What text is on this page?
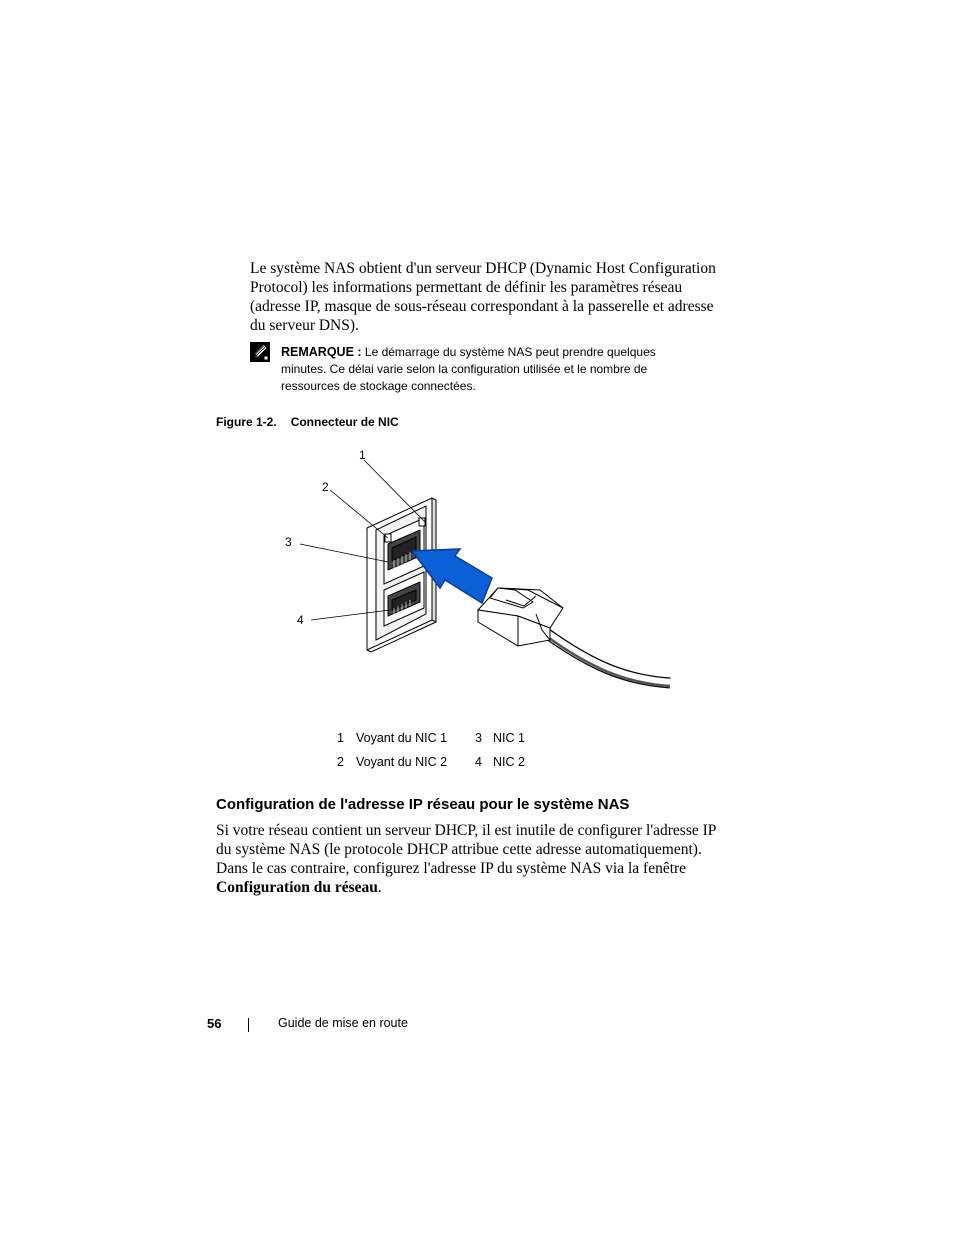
Le système NAS obtient d'un serveur DHCP (Dynamic Host Configuration
Protocol) les informations permettant de définir les paramètres réseau
(adresse IP, masque de sous-réseau correspondant à la passerelle et adresse
du serveur DNS).
REMARQUE : Le démarrage du système NAS peut prendre quelques
minutes. Ce délai varie selon la configuration utilisée et le nombre de
ressources de stockage connectées.
Figure 1-2. Connecteur de NIC
1
2
3
4
1 Voyant du NIC 1 3 NIC 1
2 Voyant du NIC 2 4 NIC 2
Configuration de l'adresse IP réseau pour le système NAS
Si votre réseau contient un serveur DHCP, il est inutile de configurer l'adresse IP
du système NAS (le protocole DHCP attribue cette adresse automatiquement).
Dans le cas contraire, configurez l'adresse IP du système NAS via la fenêtre
Configuration du réseau.
56	Guide de mise en route
